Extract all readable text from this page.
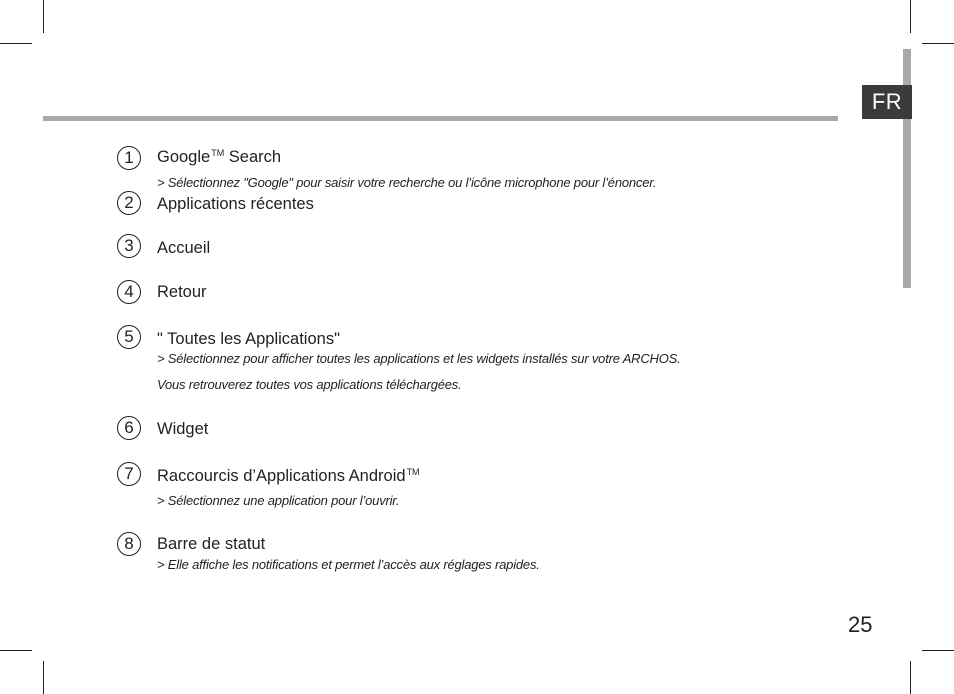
FR
1	Google™ Search
> Sélectionnez "Google" pour saisir votre recherche ou l’icône microphone pour l’énoncer.
2	Applications récentes
3	Accueil
4	Retour
5	" Toutes les Applications"
> Sélectionnez pour afficher toutes les applications et les widgets installés sur votre ARCHOS.
Vous retrouverez toutes vos applications téléchargées.
6	Widget
7	Raccourcis d’Applications Android™
> Sélectionnez une application pour l’ouvrir.
8	Barre de statut
> Elle affiche les notifications et permet l’accès aux réglages rapides.
25
